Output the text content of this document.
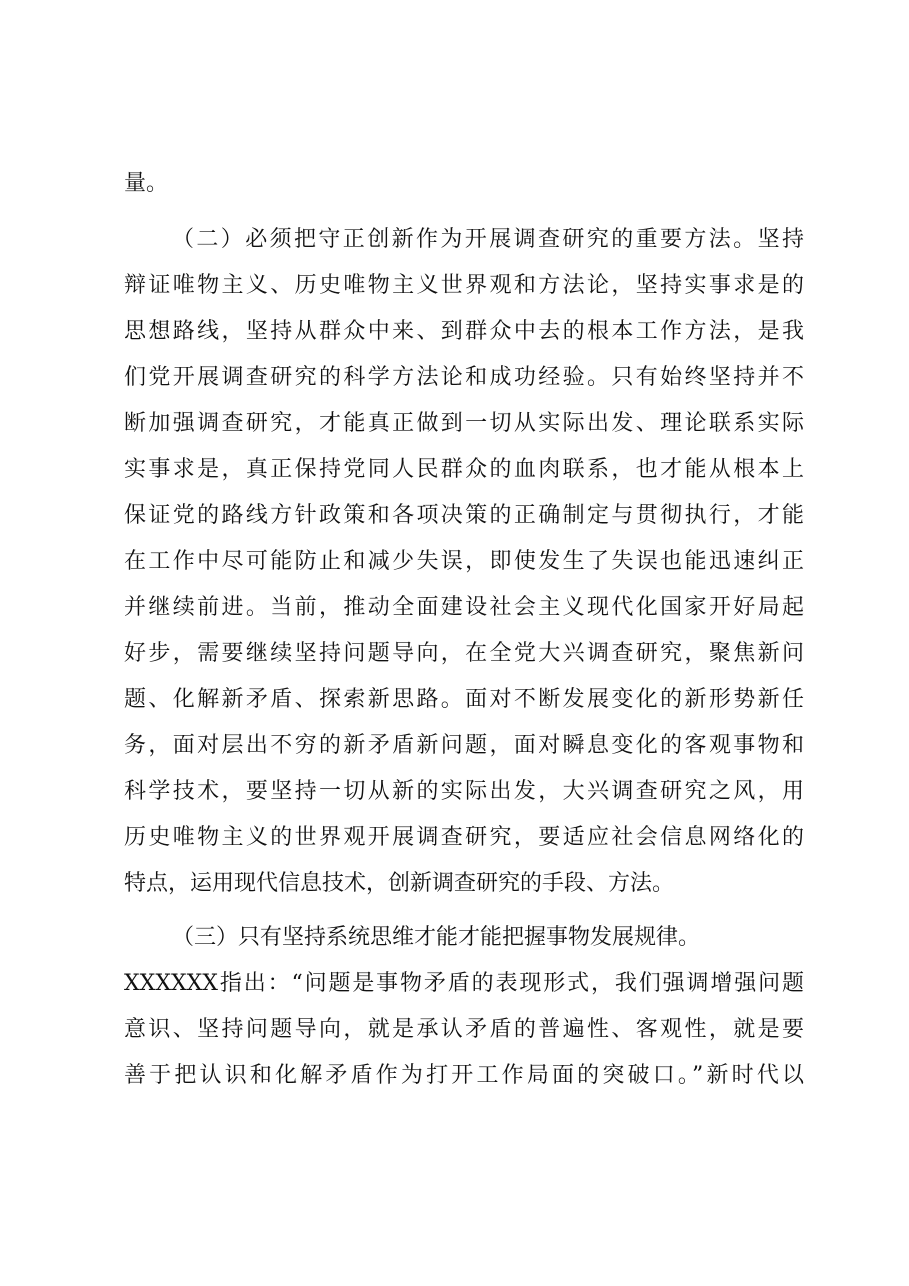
量。
（二）必须把守正创新作为开展调查研究的重要方法。坚持
辩证唯物主义、历史唯物主义世界观和方法论，坚持实事求是的
思想路线，坚持从群众中来、到群众中去的根本工作方法，是我
们党开展调查研究的科学方法论和成功经验。只有始终坚持并不
断加强调查研究，才能真正做到一切从实际出发、理论联系实际
实事求是，真正保持党同人民群众的血肉联系，也才能从根本上
保证党的路线方针政策和各项决策的正确制定与贯彻执行，才能
在工作中尽可能防止和减少失误，即使发生了失误也能迅速纠正
并继续前进。当前，推动全面建设社会主义现代化国家开好局起
好步，需要继续坚持问题导向，在全党大兴调查研究，聚焦新问
题、化解新矛盾、探索新思路。面对不断发展变化的新形势新任
务，面对层出不穷的新矛盾新问题，面对瞬息变化的客观事物和
科学技术，要坚持一切从新的实际出发，大兴调查研究之风，用
历史唯物主义的世界观开展调查研究，要适应社会信息网络化的
特点，运用现代信息技术，创新调查研究的手段、方法。
（三）只有坚持系统思维才能才能把握事物发展规律。
XXXXXX指出：“问题是事物矛盾的表现形式，我们强调增强问题
意识、坚持问题导向，就是承认矛盾的普遍性、客观性，就是要
善于把认识和化解矛盾作为打开工作局面的突破口。”新时代以
